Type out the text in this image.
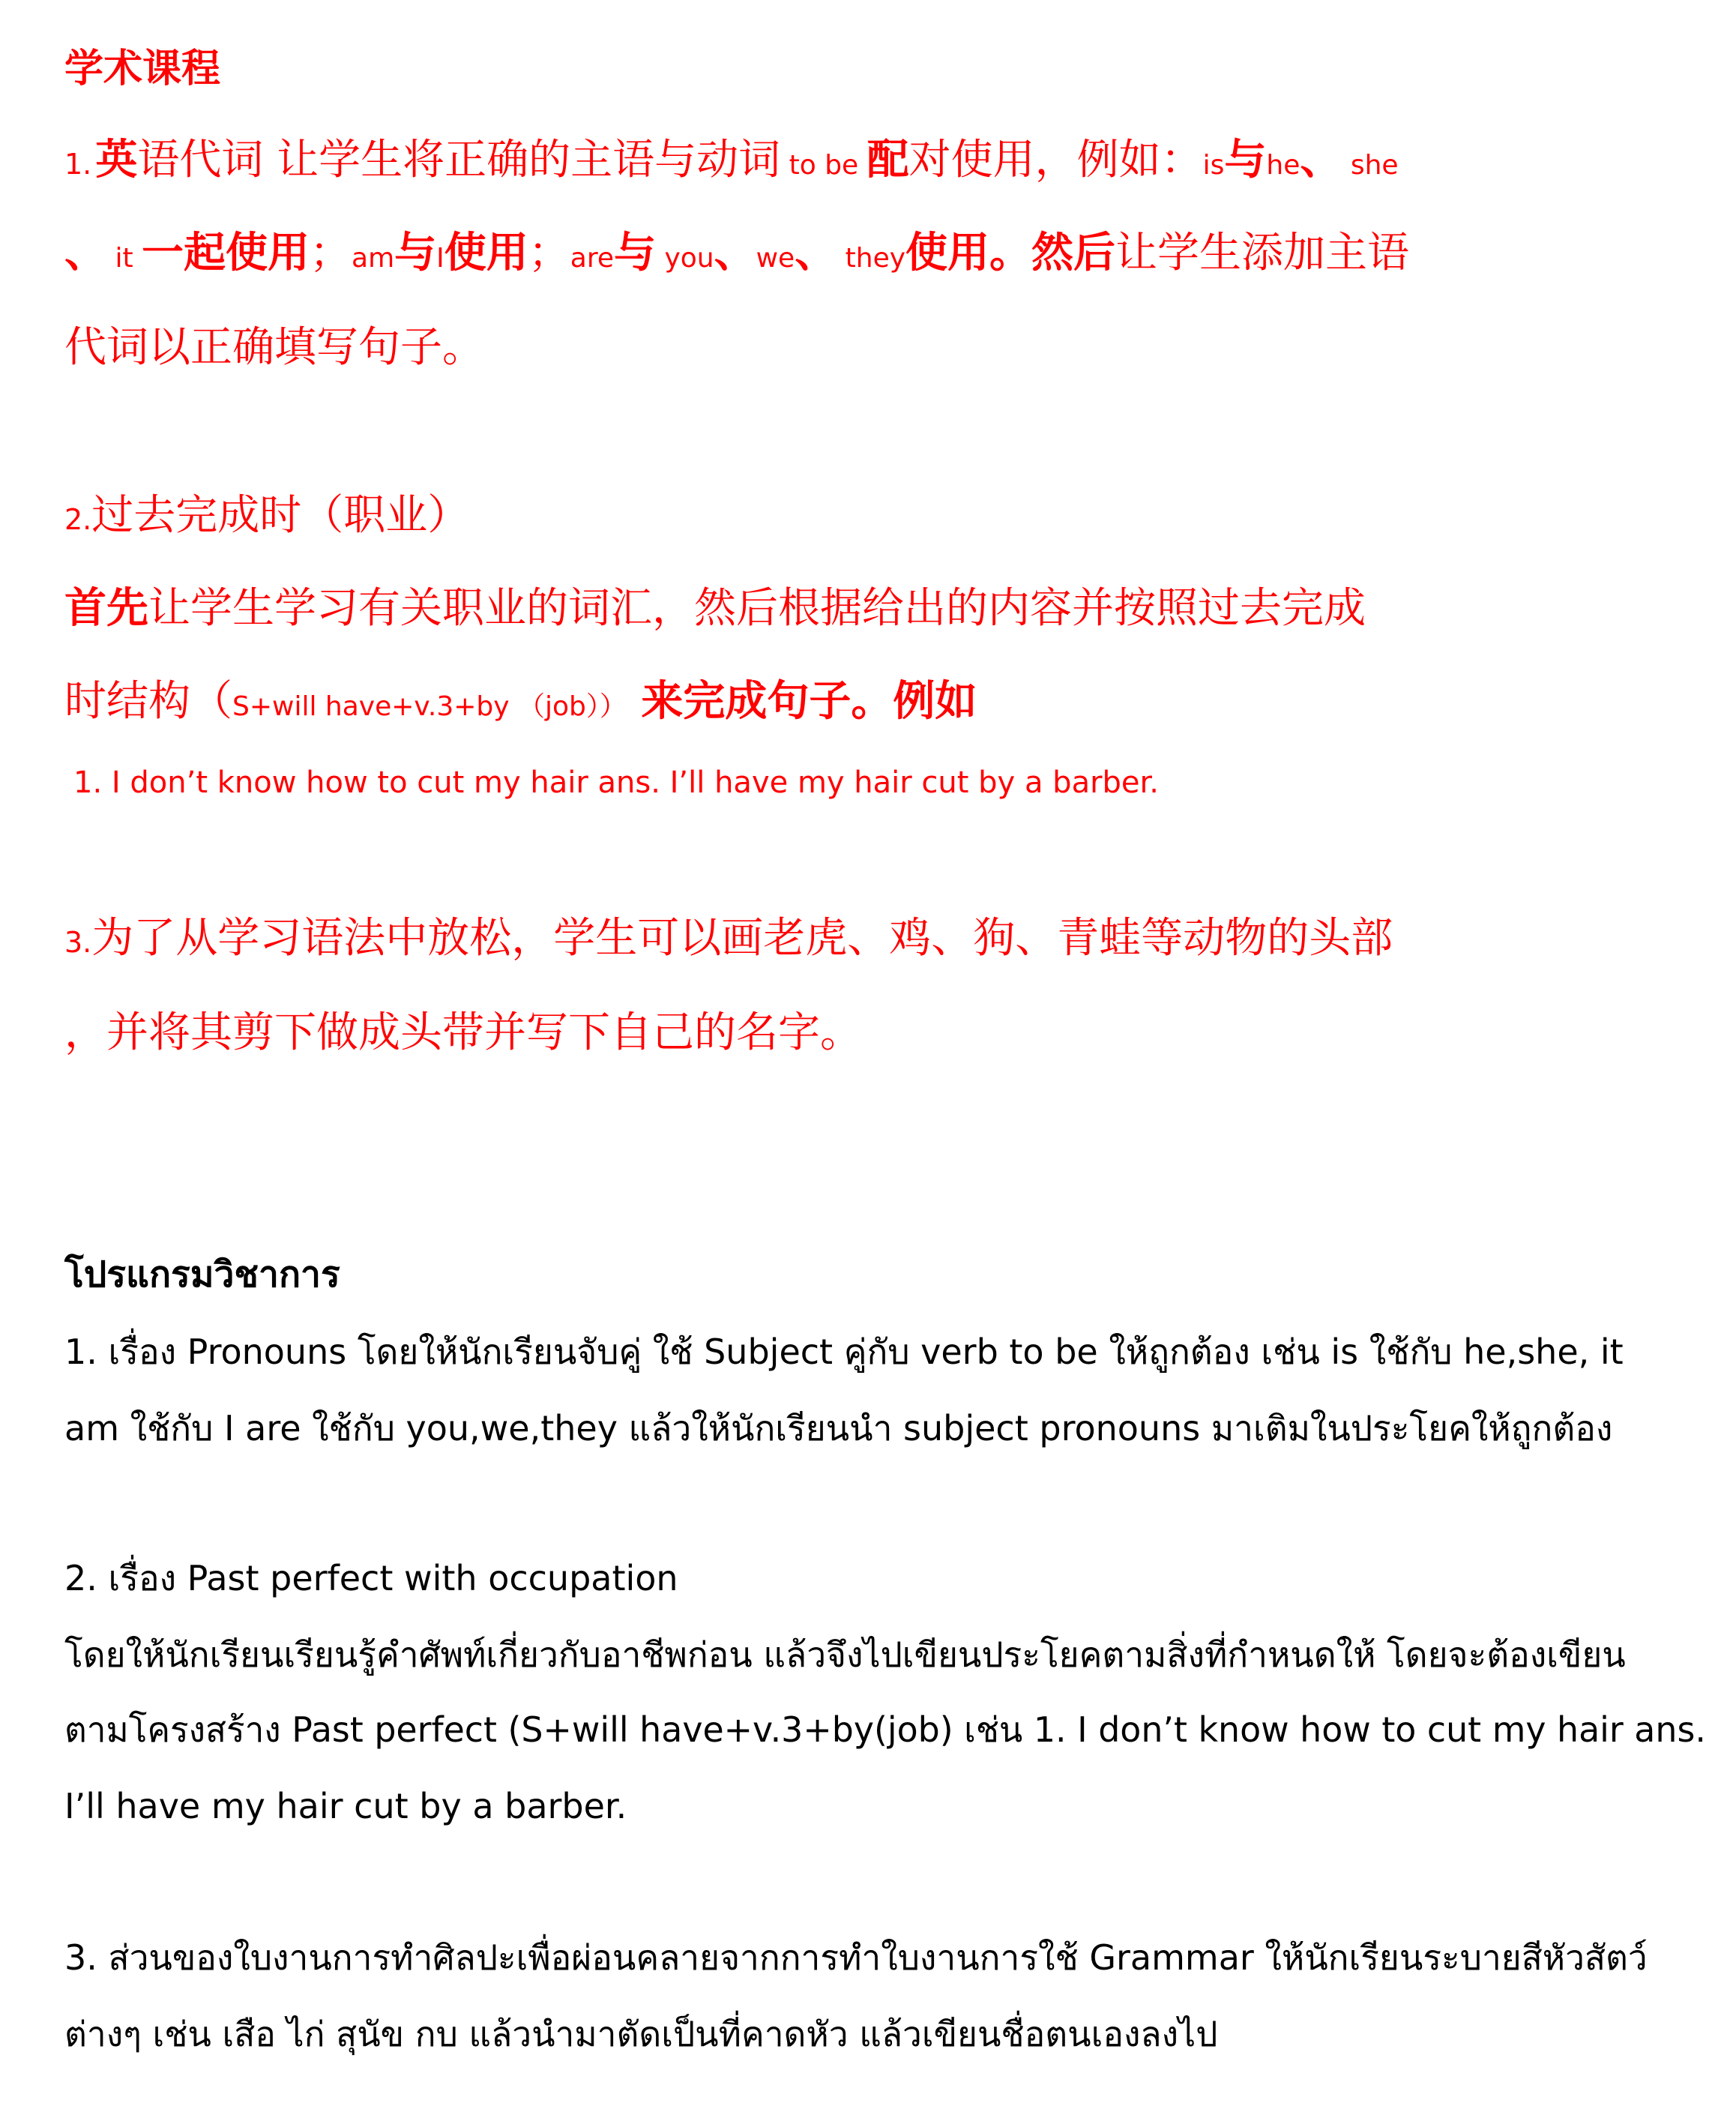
学术课程
1. 英语代词 让学生将正确的主语与动词 to be 配对使用，例如：is与he、 she
、 it 一起使用；am与I使用；are与 you、we、 they使用。然后让学生添加主语
代词以正确填写句子。
2.过去完成时（职业）
首先让学生学习有关职业的词汇，然后根据给出的内容并按照过去完成
时结构（S+will have+v.3+by （job）） 来完成句子。例如
1. I don’t know how to cut my hair ans. I’ll have my hair cut by a barber.
3.为了从学习语法中放松，学生可以画老虎、鸡、狗、青蛙等动物的头部
，并将其剪下做成头带并写下自己的名字。
โปรแกรมวิชาการ
1. เรื่อง Pronouns โดยให้นักเรียนจับคู่ ใช้ Subject คู่กับ verb to be ให้ถูกต้อง เช่น is ใช้กับ he,she, it
am ใช้กับ I are ใช้กับ you,we,they แล้วให้นักเรียนนำ subject pronouns มาเติมในประโยคให้ถูกต้อง
2. เรื่อง Past perfect with occupation
โดยให้นักเรียนเรียนรู้คำศัพท์เกี่ยวกับอาชีพก่อน แล้วจึงไปเขียนประโยคตามสิ่งที่กำหนดให้ โดยจะต้องเขียน
ตามโครงสร้าง Past perfect (S+will have+v.3+by(job) เช่น 1. I don’t know how to cut my hair ans.
I’ll have my hair cut by a barber.
3. ส่วนของใบงานการทำศิลปะเพื่อผ่อนคลายจากการทำใบงานการใช้ Grammar ให้นักเรียนระบายสีหัวสัตว์
ต่างๆ เช่น เสือ ไก่ สุนัข กบ แล้วนำมาตัดเป็นที่คาดหัว แล้วเขียนชื่อตนเองลงไป
